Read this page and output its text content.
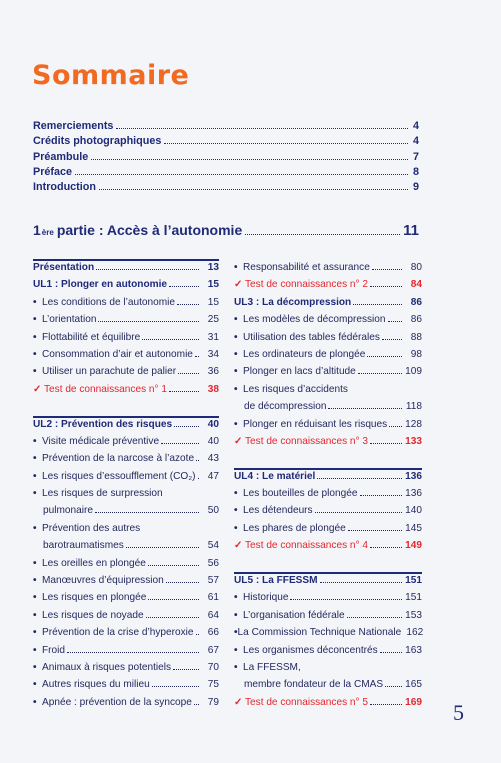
Sommaire
Remerciements	4
Crédits photographiques	4
Préambule	7
Préface	8
Introduction	9
1 ère partie : Accès à l’autonomie	11
Présentation	13
UL1 : Plonger en autonomie	15
• Les conditions de l’autonomie	15
• L’orientation	25
• Flottabilité et équilibre	31
• Consommation d’air et autonomie	34
• Utiliser un parachute de palier	36
✓ Test de connaissances n° 1	38
UL2 : Prévention des risques	40
• Visite médicale préventive	40
• Prévention de la narcose à l’azote	43
• Les risques d’essoufflement (CO₂)	47
• Les risques de surpression
pulmonaire	50
• Prévention des autres
barotraumatismes	54
• Les oreilles en plongée	56
• Manœuvres d’équipression	57
• Les risques en plongée	61
• Les risques de noyade	64
• Prévention de la crise d’hyperoxie	66
• Froid	67
• Animaux à risques potentiels	70
• Autres risques du milieu	75
• Apnée : prévention de la syncope	79
• Responsabilité et assurance	80
✓ Test de connaissances n° 2	84
UL3 : La décompression	86
• Les modèles de décompression	86
• Utilisation des tables fédérales	88
• Les ordinateurs de plongée	98
• Plonger en lacs d’altitude	109
• Les risques d’accidents
de décompression	118
• Plonger en réduisant les risques 128
✓ Test de connaissances n° 3	133
UL4 : Le matériel	136
• Les bouteilles de plongée	136
• Les détendeurs	140
• Les phares de plongée	145
✓ Test de connaissances n° 4	149
UL5 : La FFESSM	151
• Historique	151
• L’organisation fédérale	153
• La Commission Technique Nationale 162
• Les organismes déconcentrés	163
• La FFESSM,
membre fondateur de la CMAS 165
✓ Test de connaissances n° 5	169 5
